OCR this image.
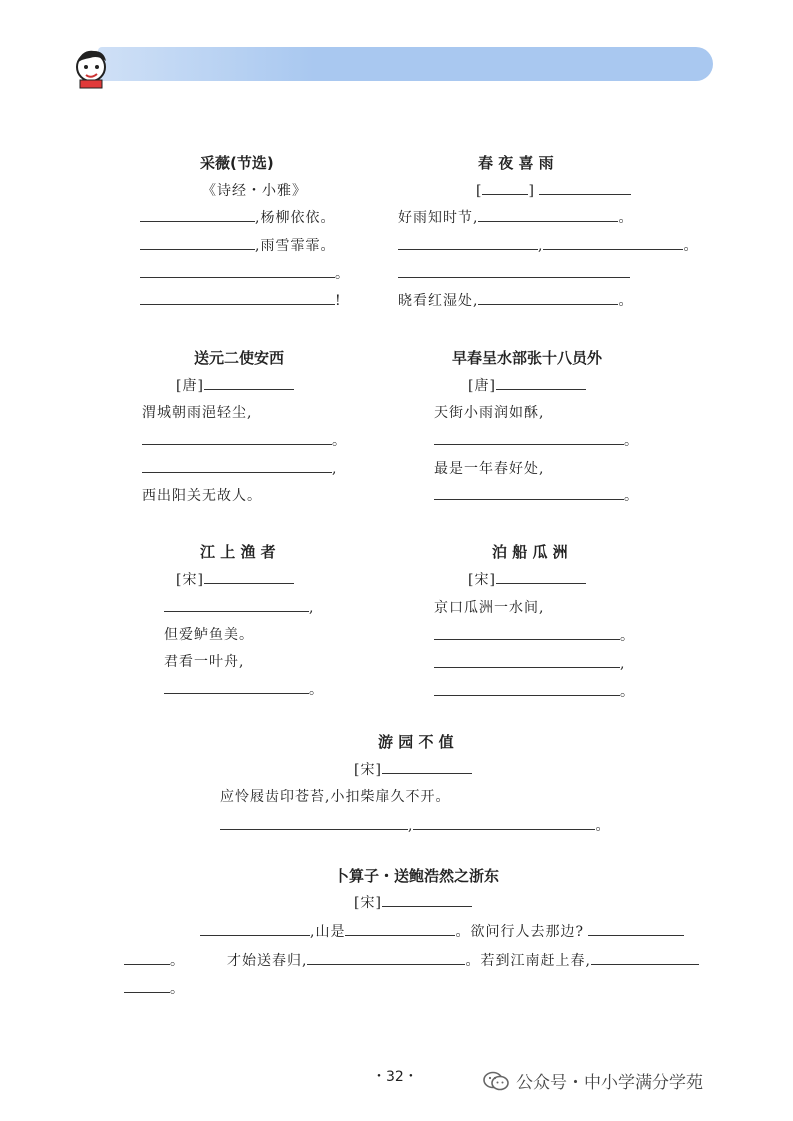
采薇(节选)
《诗经・小雅》
,杨柳依依。
,雨雪霏霏。
。
!
春 夜 喜 雨
[	]
好雨知时节,	。
,	。
晓看红湿处,	。
送元二使安西
[唐]
渭城朝雨浥轻尘,
。
,
西出阳关无故人。
早春呈水部张十八员外
[唐]
天街小雨润如酥,
。
最是一年春好处,
。
江 上 渔 者
[宋]
,
但爱鲈鱼美。
君看一叶舟,
。
泊 船 瓜 洲
[宋]
京口瓜洲一水间,
。
,
。
游 园 不 值
[宋]
应怜屐齿印苍苔,小扣柴扉久不开。
,	。
卜算子・送鲍浩然之浙东
[宋]
,山是	。欲问行人去那边?
。	才始送春归,	。若到江南赶上春,
。
・32・	公众号・中小学满分学苑
